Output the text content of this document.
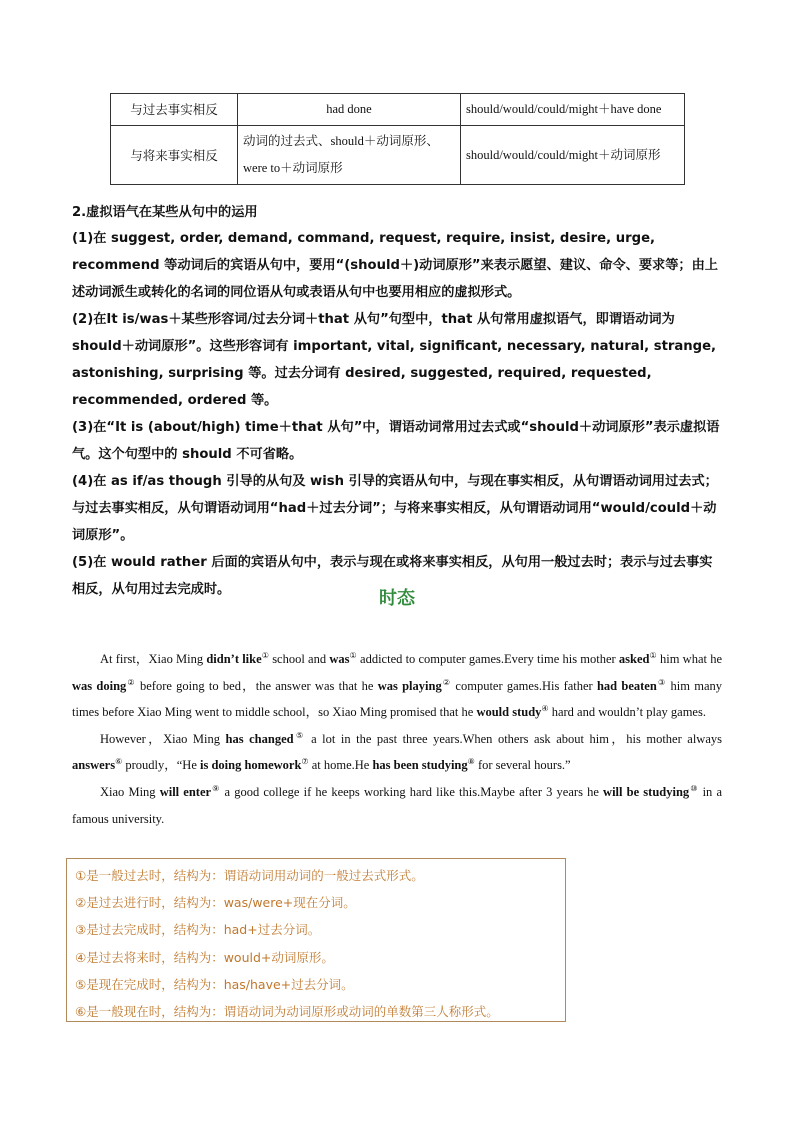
与过去事实相反	had done	should/would/could/might＋have done
与将来事实相反	动词的过去式、should＋动词原形、were to＋动词原形	should/would/could/might＋动词原形

2.虚拟语气在某些从句中的运用

(1)在 suggest, order, demand, command, request, require, insist, desire, urge, recommend 等动词后的宾语从句中，要用“(should＋)动词原形”来表示愿望、建议、命令、要求等；由上述动词派生或转化的名词的同位语从句或表语从句中也要用相应的虚拟形式。

(2)在It is/was＋某些形容词/过去分词＋that 从句”句型中，that 从句常用虚拟语气，即谓语动词为should＋动词原形”。这些形容词有 important, vital, significant, necessary, natural, strange, astonishing, surprising 等。过去分词有 desired, suggested, required, requested, recommended, ordered 等。

(3)在“It is (about/high) time＋that 从句”中，谓语动词常用过去式或“should＋动词原形”表示虚拟语气。这个句型中的 should 不可省略。

(4)在 as if/as though 引导的从句及 wish 引导的宾语从句中，与现在事实相反，从句谓语动词用过去式；与过去事实相反，从句谓语动词用“had＋过去分词”；与将来事实相反，从句谓语动词用“would/could＋动词原形”。

(5)在 would rather 后面的宾语从句中，表示与现在或将来事实相反，从句用一般过去时；表示与过去事实相反，从句用过去完成时。	时态

At first，Xiao Ming didn’t like① school and was① addicted to computer games.Every time his mother asked① him what he was doing② before going to bed，the answer was that he was playing② computer games.His father had beaten③ him many times before Xiao Ming went to middle school，so Xiao Ming promised that he would study④ hard and wouldn’t play games.

However，Xiao Ming has changed⑤ a lot in the past three years.When others ask about him，his mother always answers⑥ proudly，“He is doing homework⑦ at home.He has been studying⑧ for several hours.”

Xiao Ming will enter⑨ a good college if he keeps working hard like this.Maybe after 3 years he will be studying⑩ in a famous university.

①是一般过去时，结构为：谓语动词用动词的一般过去式形式。
②是过去进行时，结构为：was/were+现在分词。
③是过去完成时，结构为：had+过去分词。
④是过去将来时，结构为：would+动词原形。
⑤是现在完成时，结构为：has/have+过去分词。
⑥是一般现在时，结构为：谓语动词为动词原形或动词的单数第三人称形式。
